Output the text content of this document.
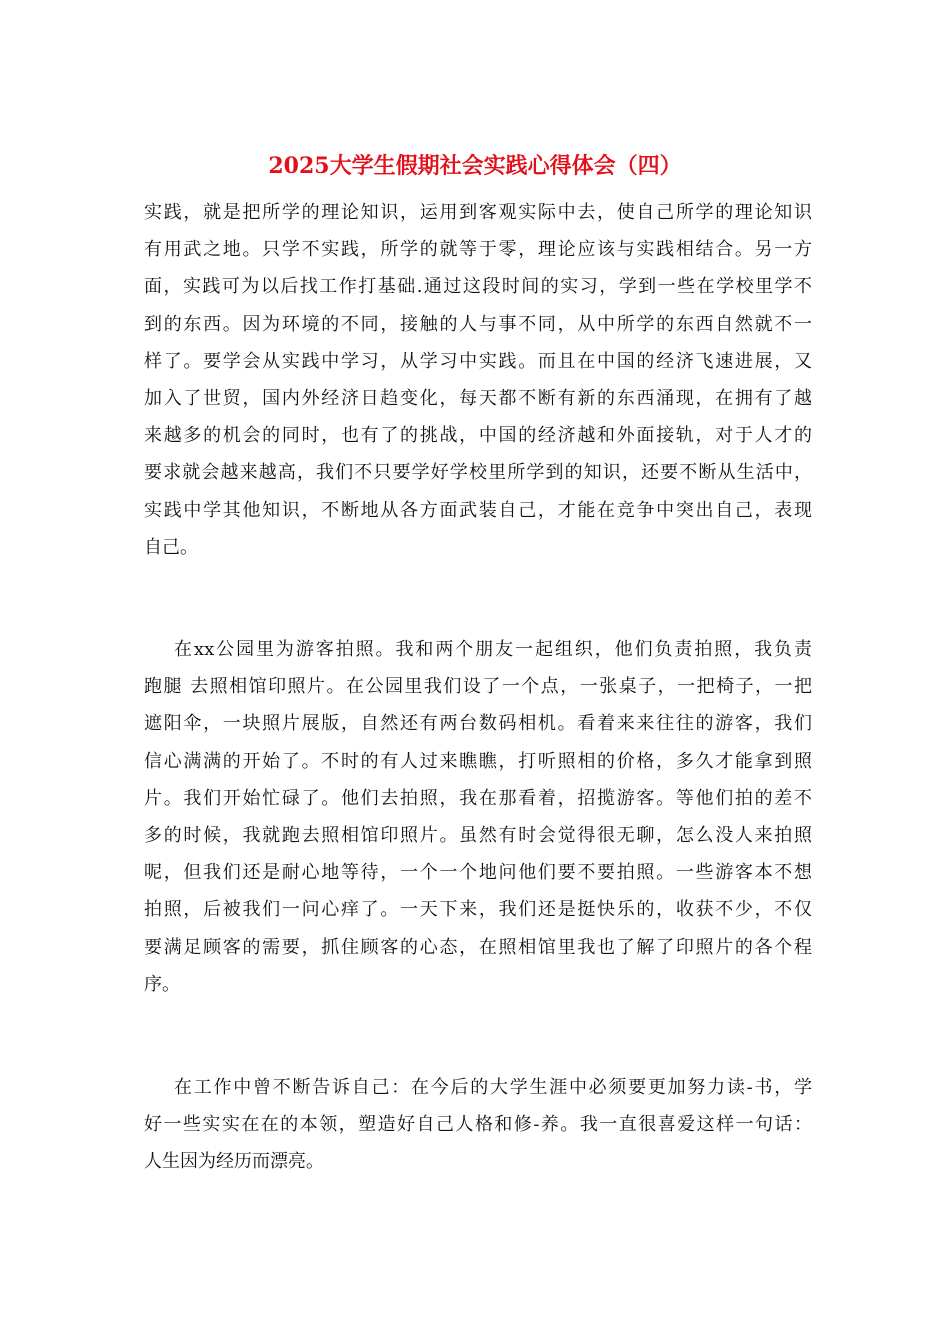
2025大学生假期社会实践心得体会（四）
实践，就是把所学的理论知识，运用到客观实际中去，使自己所学的理论知识
有用武之地。只学不实践，所学的就等于零，理论应该与实践相结合。另一方
面，实践可为以后找工作打基础.通过这段时间的实习，学到一些在学校里学不
到的东西。因为环境的不同，接触的人与事不同，从中所学的东西自然就不一
样了。要学会从实践中学习，从学习中实践。而且在中国的经济飞速进展，又
加入了世贸，国内外经济日趋变化，每天都不断有新的东西涌现，在拥有了越
来越多的机会的同时，也有了的挑战，中国的经济越和外面接轨，对于人才的
要求就会越来越高，我们不只要学好学校里所学到的知识，还要不断从生活中，
实践中学其他知识，不断地从各方面武装自己，才能在竞争中突出自己，表现
自己。
在xx公园里为游客拍照。我和两个朋友一起组织，他们负责拍照，我负责
跑腿 去照相馆印照片。在公园里我们设了一个点，一张桌子，一把椅子，一把
遮阳伞，一块照片展版，自然还有两台数码相机。看着来来往往的游客，我们
信心满满的开始了。不时的有人过来瞧瞧，打听照相的价格，多久才能拿到照
片。我们开始忙碌了。他们去拍照，我在那看着，招揽游客。等他们拍的差不
多的时候，我就跑去照相馆印照片。虽然有时会觉得很无聊，怎么没人来拍照
呢，但我们还是耐心地等待，一个一个地问他们要不要拍照。一些游客本不想
拍照，后被我们一问心痒了。一天下来，我们还是挺快乐的，收获不少，不仅
要满足顾客的需要，抓住顾客的心态，在照相馆里我也了解了印照片的各个程
序。
在工作中曾不断告诉自己：在今后的大学生涯中必须要更加努力读-书，学
好一些实实在在的本领，塑造好自己人格和修-养。我一直很喜爱这样一句话：
人生因为经历而漂亮。
